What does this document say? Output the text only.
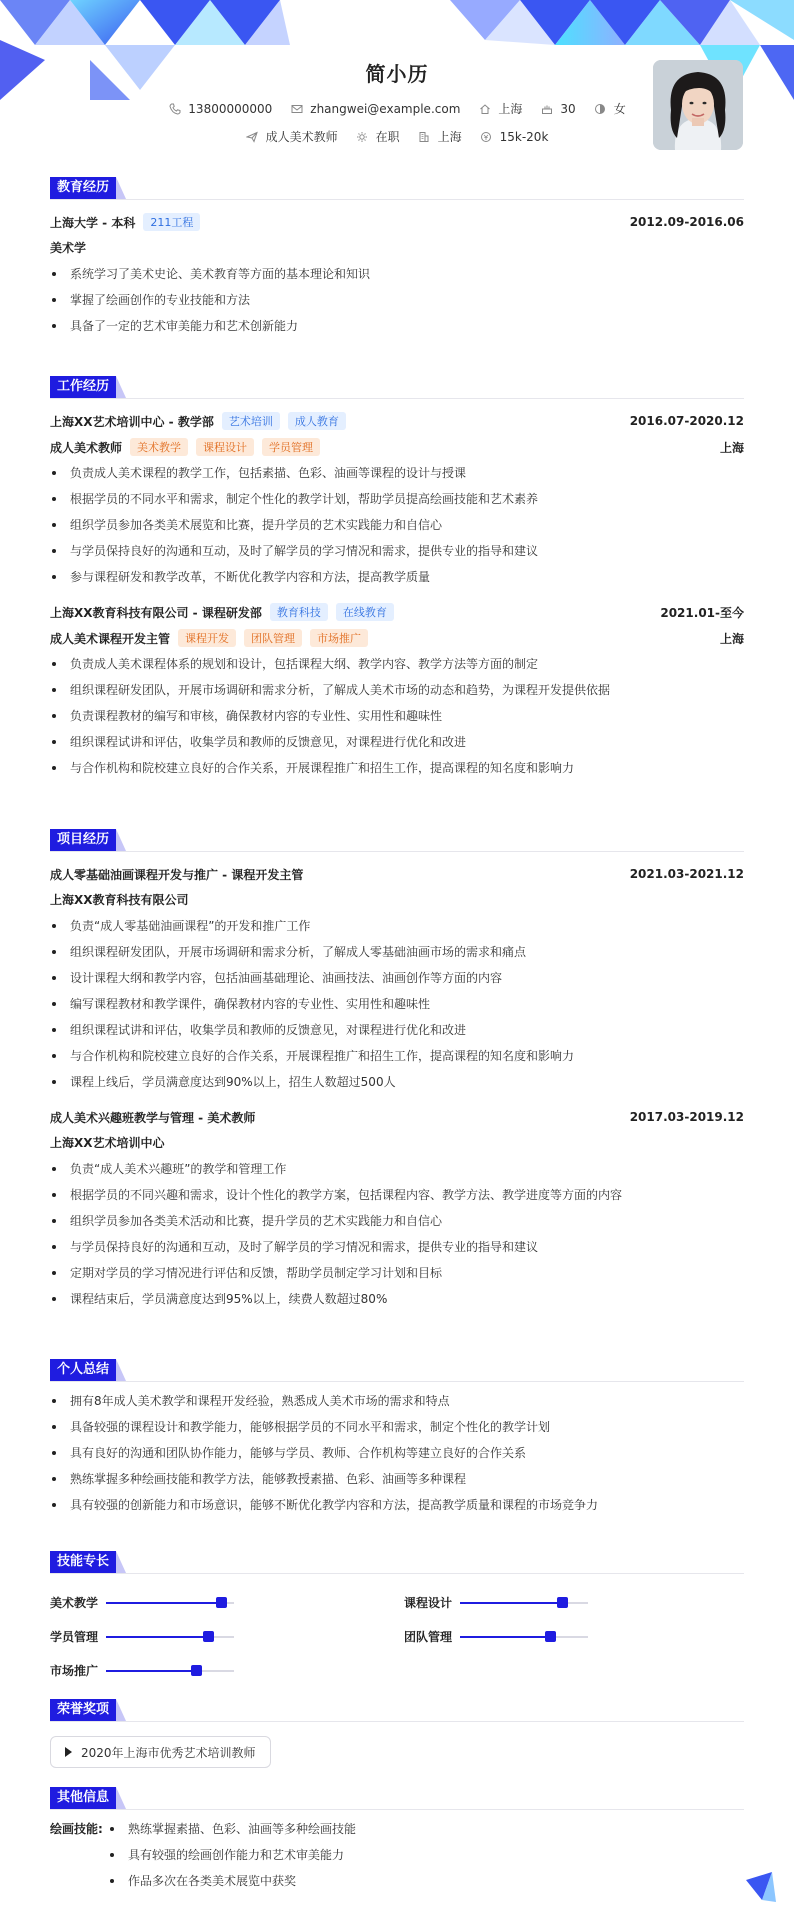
简小历
13800000000	zhangwei@example.com	上海	30	女
成人美术教师	在职	上海	15k-20k
教育经历
上海大学 - 本科	211工程	2012.09-2016.06
美术学
系统学习了美术史论、美术教育等方面的基本理论和知识
掌握了绘画创作的专业技能和方法
具备了一定的艺术审美能力和艺术创新能力
工作经历
上海XX艺术培训中心 - 教学部	艺术培训	成人教育	2016.07-2020.12
成人美术教师	美术教学	课程设计	学员管理	上海
负责成人美术课程的教学工作，包括素描、色彩、油画等课程的设计与授课
根据学员的不同水平和需求，制定个性化的教学计划，帮助学员提高绘画技能和艺术素养
组织学员参加各类美术展览和比赛，提升学员的艺术实践能力和自信心
与学员保持良好的沟通和互动，及时了解学员的学习情况和需求，提供专业的指导和建议
参与课程研发和教学改革，不断优化教学内容和方法，提高教学质量
上海XX教育科技有限公司 - 课程研发部	教育科技	在线教育	2021.01-至今
成人美术课程开发主管	课程开发	团队管理	市场推广	上海
负责成人美术课程体系的规划和设计，包括课程大纲、教学内容、教学方法等方面的制定
组织课程研发团队，开展市场调研和需求分析，了解成人美术市场的动态和趋势，为课程开发提供依据
负责课程教材的编写和审核，确保教材内容的专业性、实用性和趣味性
组织课程试讲和评估，收集学员和教师的反馈意见，对课程进行优化和改进
与合作机构和院校建立良好的合作关系，开展课程推广和招生工作，提高课程的知名度和影响力
项目经历
成人零基础油画课程开发与推广 - 课程开发主管	2021.03-2021.12
上海XX教育科技有限公司
负责“成人零基础油画课程”的开发和推广工作
组织课程研发团队，开展市场调研和需求分析，了解成人零基础油画市场的需求和痛点
设计课程大纲和教学内容，包括油画基础理论、油画技法、油画创作等方面的内容
编写课程教材和教学课件，确保教材内容的专业性、实用性和趣味性
组织课程试讲和评估，收集学员和教师的反馈意见，对课程进行优化和改进
与合作机构和院校建立良好的合作关系，开展课程推广和招生工作，提高课程的知名度和影响力
课程上线后，学员满意度达到90%以上，招生人数超过500人
成人美术兴趣班教学与管理 - 美术教师	2017.03-2019.12
上海XX艺术培训中心
负责“成人美术兴趣班”的教学和管理工作
根据学员的不同兴趣和需求，设计个性化的教学方案，包括课程内容、教学方法、教学进度等方面的内容
组织学员参加各类美术活动和比赛，提升学员的艺术实践能力和自信心
与学员保持良好的沟通和互动，及时了解学员的学习情况和需求，提供专业的指导和建议
定期对学员的学习情况进行评估和反馈，帮助学员制定学习计划和目标
课程结束后，学员满意度达到95%以上，续费人数超过80%
个人总结
拥有8年成人美术教学和课程开发经验，熟悉成人美术市场的需求和特点
具备较强的课程设计和教学能力，能够根据学员的不同水平和需求，制定个性化的教学计划
具有良好的沟通和团队协作能力，能够与学员、教师、合作机构等建立良好的合作关系
熟练掌握多种绘画技能和教学方法，能够教授素描、色彩、油画等多种课程
具有较强的创新能力和市场意识，能够不断优化教学内容和方法，提高教学质量和课程的市场竞争力
技能专长
美术教学	课程设计
学员管理	团队管理
市场推广
荣誉奖项
2020年上海市优秀艺术培训教师
其他信息
绘画技能:	熟练掌握素描、色彩、油画等多种绘画技能
具有较强的绘画创作能力和艺术审美能力
作品多次在各类美术展览中获奖
